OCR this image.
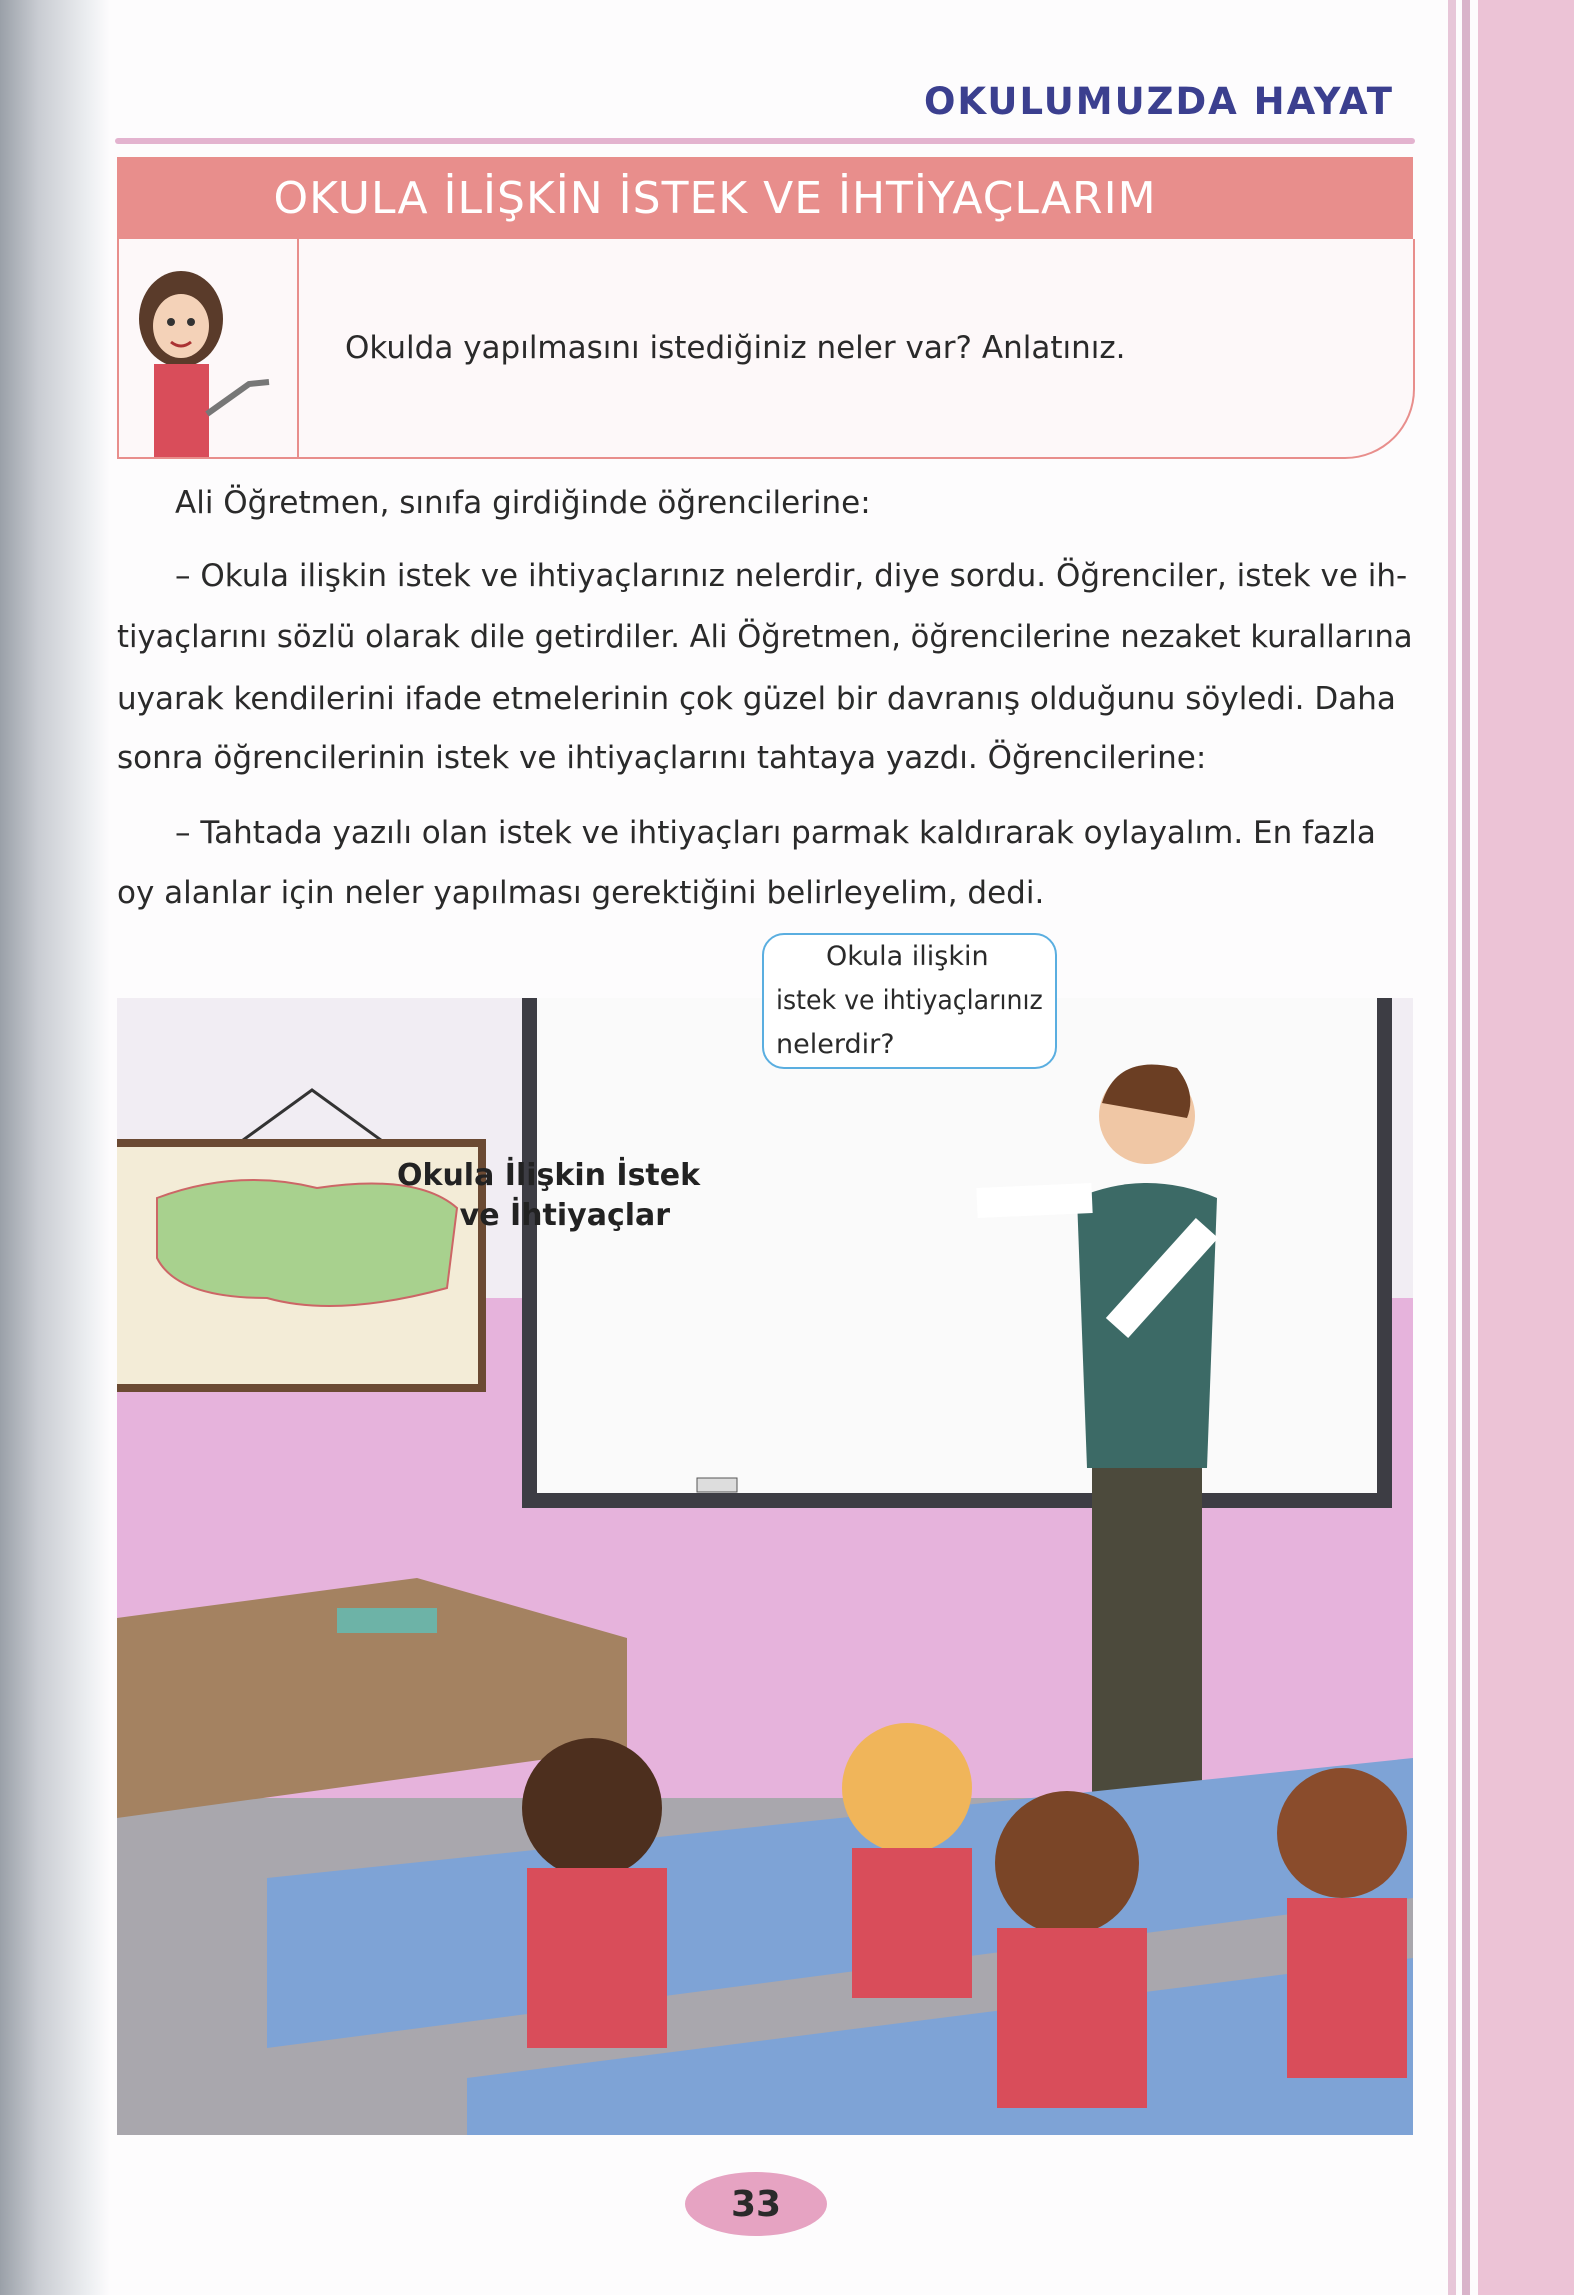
OKULUMUZDA HAYAT
OKULA İLİŞKİN İSTEK VE İHTİYAÇLARIM
Okulda yapılmasını istediğiniz neler var? Anlatınız.
Ali Öğretmen, sınıfa girdiğinde öğrencilerine:
– Okula ilişkin istek ve ihtiyaçlarınız nelerdir, diye sordu. Öğrenciler, istek ve ih-
tiyaçlarını sözlü olarak dile getirdiler. Ali Öğretmen, öğrencilerine nezaket kurallarına
uyarak kendilerini ifade etmelerinin çok güzel bir davranış olduğunu söyledi. Daha
sonra öğrencilerinin istek ve ihtiyaçlarını tahtaya yazdı. Öğrencilerine:
– Tahtada yazılı olan istek ve ihtiyaçları parmak kaldırarak oylayalım. En fazla
oy alanlar için neler yapılması gerektiğini belirleyelim, dedi.
Okula İlişkin İstek
ve İhtiyaçlar
Okula ilişkin
istek ve ihtiyaçlarınız
nelerdir?
33
